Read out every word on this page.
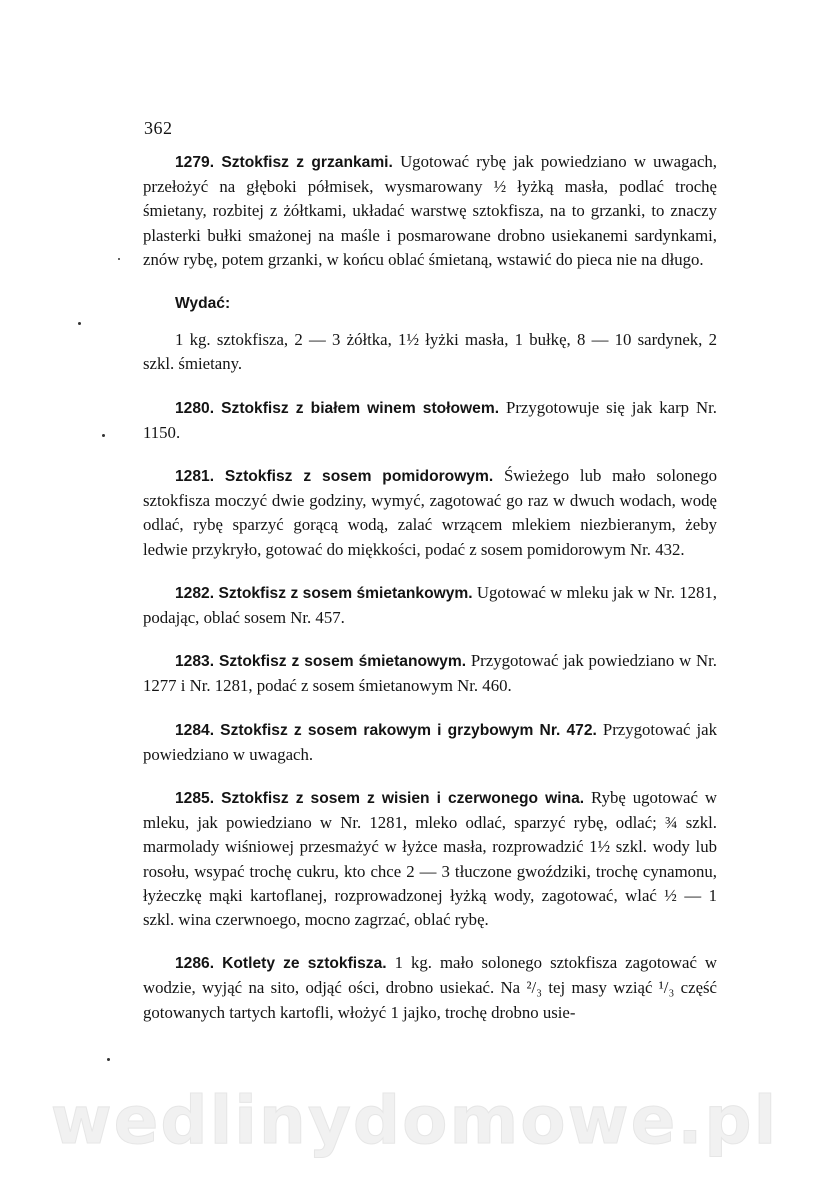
362

1279. Sztokfisz z grzankami. Ugotować rybę jak powiedziano w uwagach, przełożyć na głęboki półmisek, wysmarowany ½ łyżką masła, podlać trochę śmietany, rozbitej z żółtkami, układać warstwę sztokfisza, na to grzanki, to znaczy plasterki bułki smażonej na maśle i posmarowane drobno usiekanemi sardynkami, znów rybę, potem grzanki, w końcu oblać śmietaną, wstawić do pieca nie na długo.

Wydać:

1 kg. sztokfisza, 2 — 3 żółtka, 1½ łyżki masła, 1 bułkę, 8 — 10 sardynek, 2 szkl. śmietany.

1280. Sztokfisz z białem winem stołowem. Przygotowuje się jak karp Nr. 1150.

1281. Sztokfisz z sosem pomidorowym. Świeżego lub mało solonego sztokfisza moczyć dwie godziny, wymyć, zagotować go raz w dwuch wodach, wodę odlać, rybę sparzyć gorącą wodą, zalać wrzącem mlekiem niezbieranym, żeby ledwie przykryło, gotować do miękkości, podać z sosem pomidorowym Nr. 432.

1282. Sztokfisz z sosem śmietankowym. Ugotować w mleku jak w Nr. 1281, podając, oblać sosem Nr. 457.

1283. Sztokfisz z sosem śmietanowym. Przygotować jak powiedziano w Nr. 1277 i Nr. 1281, podać z sosem śmietanowym Nr. 460.

1284. Sztokfisz z sosem rakowym i grzybowym Nr. 472. Przygotować jak powiedziano w uwagach.

1285. Sztokfisz z sosem z wisien i czerwonego wina. Rybę ugotować w mleku, jak powiedziano w Nr. 1281, mleko odlać, sparzyć rybę, odlać; ¾ szkl. marmolady wiśniowej przesmażyć w łyżce masła, rozprowadzić 1½ szkl. wody lub rosołu, wsypać trochę cukru, kto chce 2 — 3 tłuczone gwoździki, trochę cynamonu, łyżeczkę mąki kartoflanej, rozprowadzonej łyżką wody, zagotować, wlać ½ — 1 szkl. wina czerwnoego, mocno zagrzać, oblać rybę.

1286. Kotlety ze sztokfisza. 1 kg. mało solonego sztokfisza zagotować w wodzie, wyjąć na sito, odjąć ości, drobno usiekać. Na ²/₃ tej masy wziąć ¹/₃ część gotowanych tartych kartofli, włożyć 1 jajko, trochę drobno usie-

wedlinydomowe.pl
